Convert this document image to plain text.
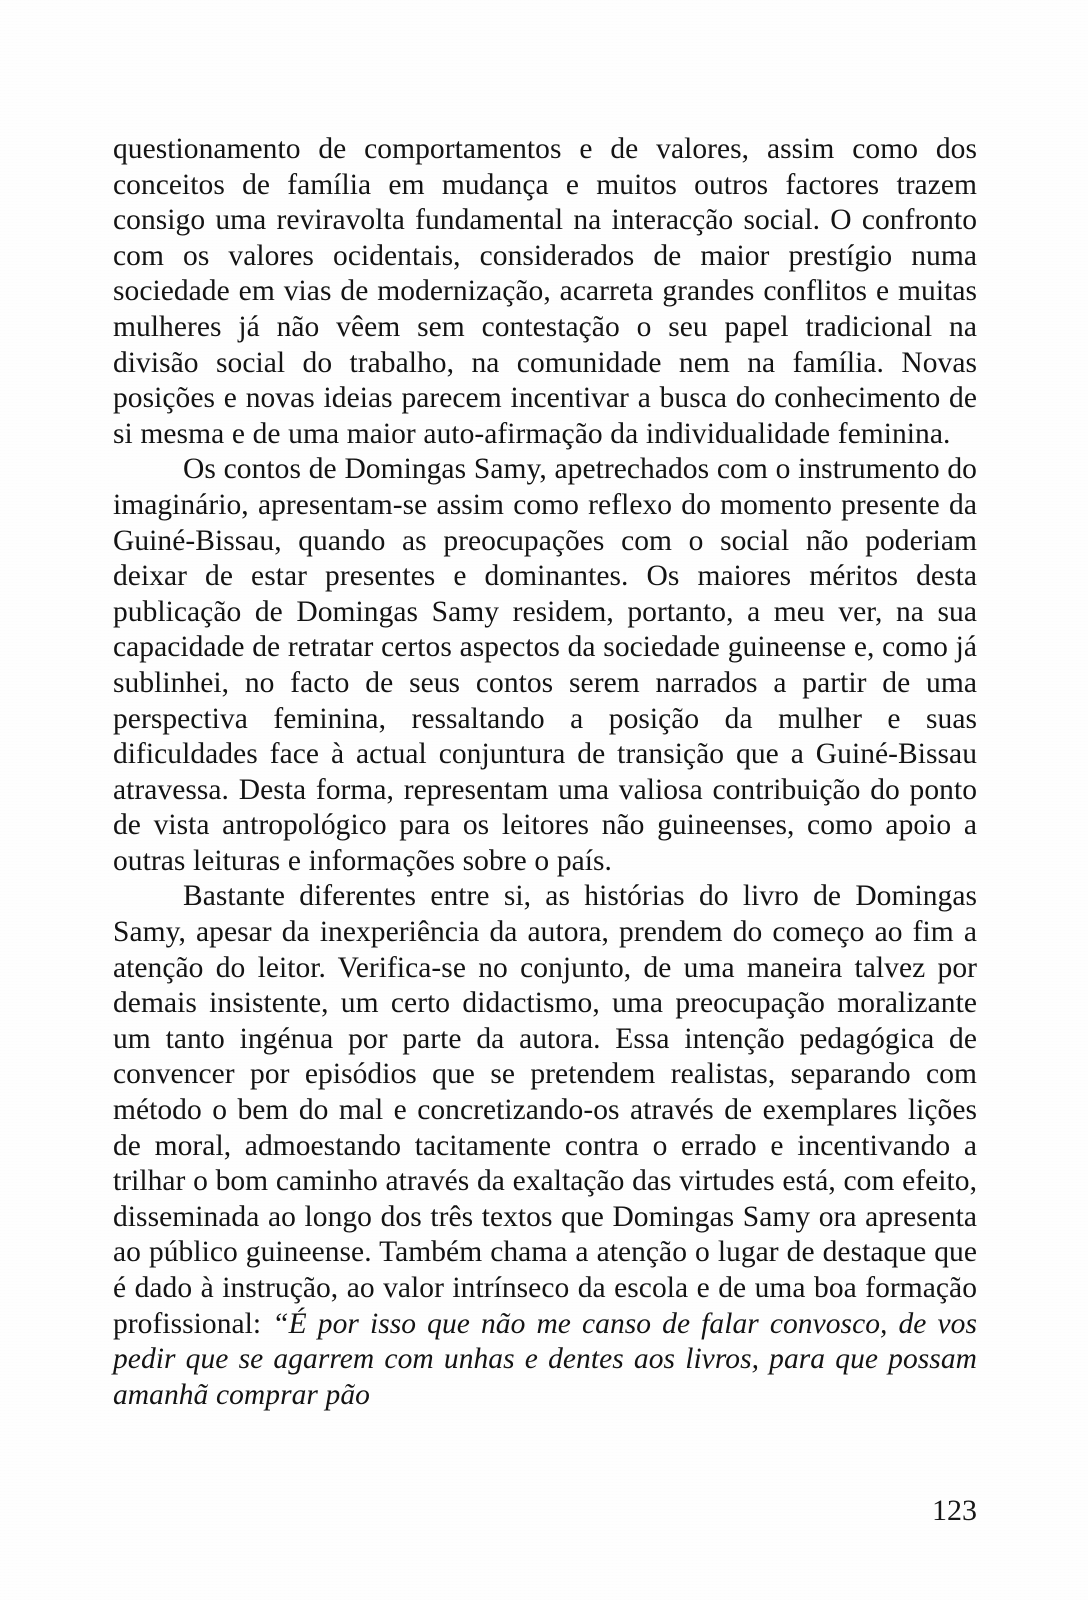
questionamento de comportamentos e de valores, assim como dos conceitos de família em mudança e muitos outros factores trazem consigo uma reviravolta fundamental na interacção social. O confronto com os valores ocidentais, considerados de maior prestígio numa sociedade em vias de modernização, acarreta grandes conflitos e muitas mulheres já não vêem sem contestação o seu papel tradicional na divisão social do trabalho, na comunidade nem na família. Novas posições e novas ideias parecem incentivar a busca do conhecimento de si mesma e de uma maior auto-afirmação da individualidade feminina.

Os contos de Domingas Samy, apetrechados com o instrumento do imaginário, apresentam-se assim como reflexo do momento presente da Guiné-Bissau, quando as preocupações com o social não poderiam deixar de estar presentes e dominantes. Os maiores méritos desta publicação de Domingas Samy residem, portanto, a meu ver, na sua capacidade de retratar certos aspectos da sociedade guineense e, como já sublinhei, no facto de seus contos serem narrados a partir de uma perspectiva feminina, ressaltando a posição da mulher e suas dificuldades face à actual conjuntura de transição que a Guiné-Bissau atravessa. Desta forma, representam uma valiosa contribuição do ponto de vista antropológico para os leitores não guineenses, como apoio a outras leituras e informações sobre o país.

Bastante diferentes entre si, as histórias do livro de Domingas Samy, apesar da inexperiência da autora, prendem do começo ao fim a atenção do leitor. Verifica-se no conjunto, de uma maneira talvez por demais insistente, um certo didactismo, uma preocupação moralizante um tanto ingénua por parte da autora. Essa intenção pedagógica de convencer por episódios que se pretendem realistas, separando com método o bem do mal e concretizando-os através de exemplares lições de moral, admoestando tacitamente contra o errado e incentivando a trilhar o bom caminho através da exaltação das virtudes está, com efeito, disseminada ao longo dos três textos que Domingas Samy ora apresenta ao público guineense. Também chama a atenção o lugar de destaque que é dado à instrução, ao valor intrínseco da escola e de uma boa formação profissional: “É por isso que não me canso de falar convosco, de vos pedir que se agarrem com unhas e dentes aos livros, para que possam amanhã comprar pão

123
